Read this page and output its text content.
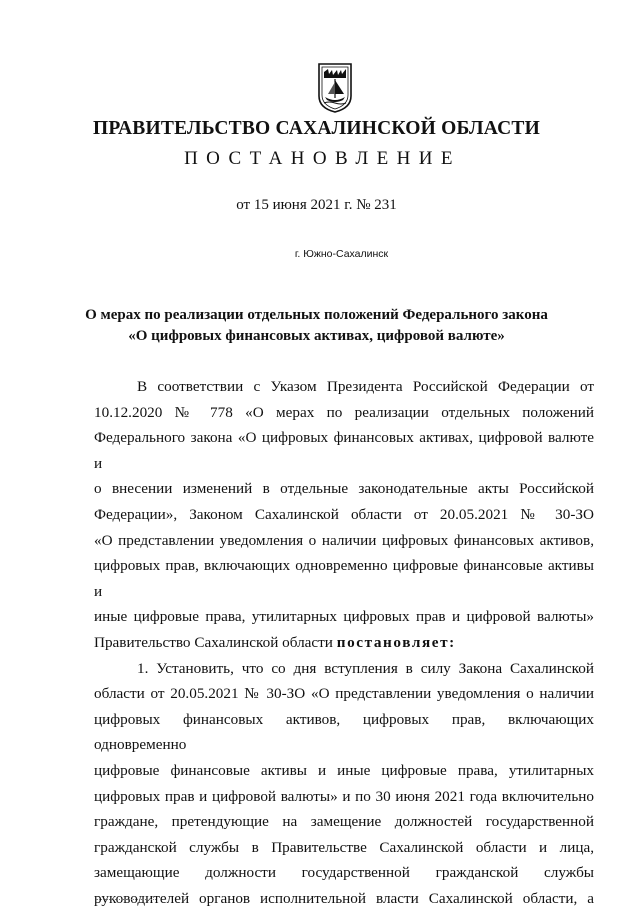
ПРАВИТЕЛЬСТВО САХАЛИНСКОЙ ОБЛАСТИ
ПОСТАНОВЛЕНИЕ
от 15 июня 2021 г. № 231
г. Южно-Сахалинск
О мерах по реализации отдельных положений Федерального закона
«О цифровых финансовых активах, цифровой валюте»

В соответствии с Указом Президента Российской Федерации от

10.12.2020 № 778 «О мерах по реализации отдельных положений

Федерального закона «О цифровых финансовых активах, цифровой валюте и

о внесении изменений в отдельные законодательные акты Российской

Федерации», Законом Сахалинской области от 20.05.2021 № 30-ЗО

«О представлении уведомления о наличии цифровых финансовых активов,

цифровых прав, включающих одновременно цифровые финансовые активы и

иные цифровые права, утилитарных цифровых прав и цифровой валюты»

Правительство Сахалинской области постановляет:

1. Установить, что со дня вступления в силу Закона Сахалинской

области от 20.05.2021 № 30-ЗО «О представлении уведомления о наличии

цифровых финансовых активов, цифровых прав, включающих одновременно

цифровые финансовые активы и иные цифровые права, утилитарных

цифровых прав и цифровой валюты» и по 30 июня 2021 года включительно

граждане, претендующие на замещение должностей государственной

гражданской службы в Правительстве Сахалинской области и лица,

замещающие должности государственной гражданской службы

руководителей органов исполнительной власти Сахалинской области, а
